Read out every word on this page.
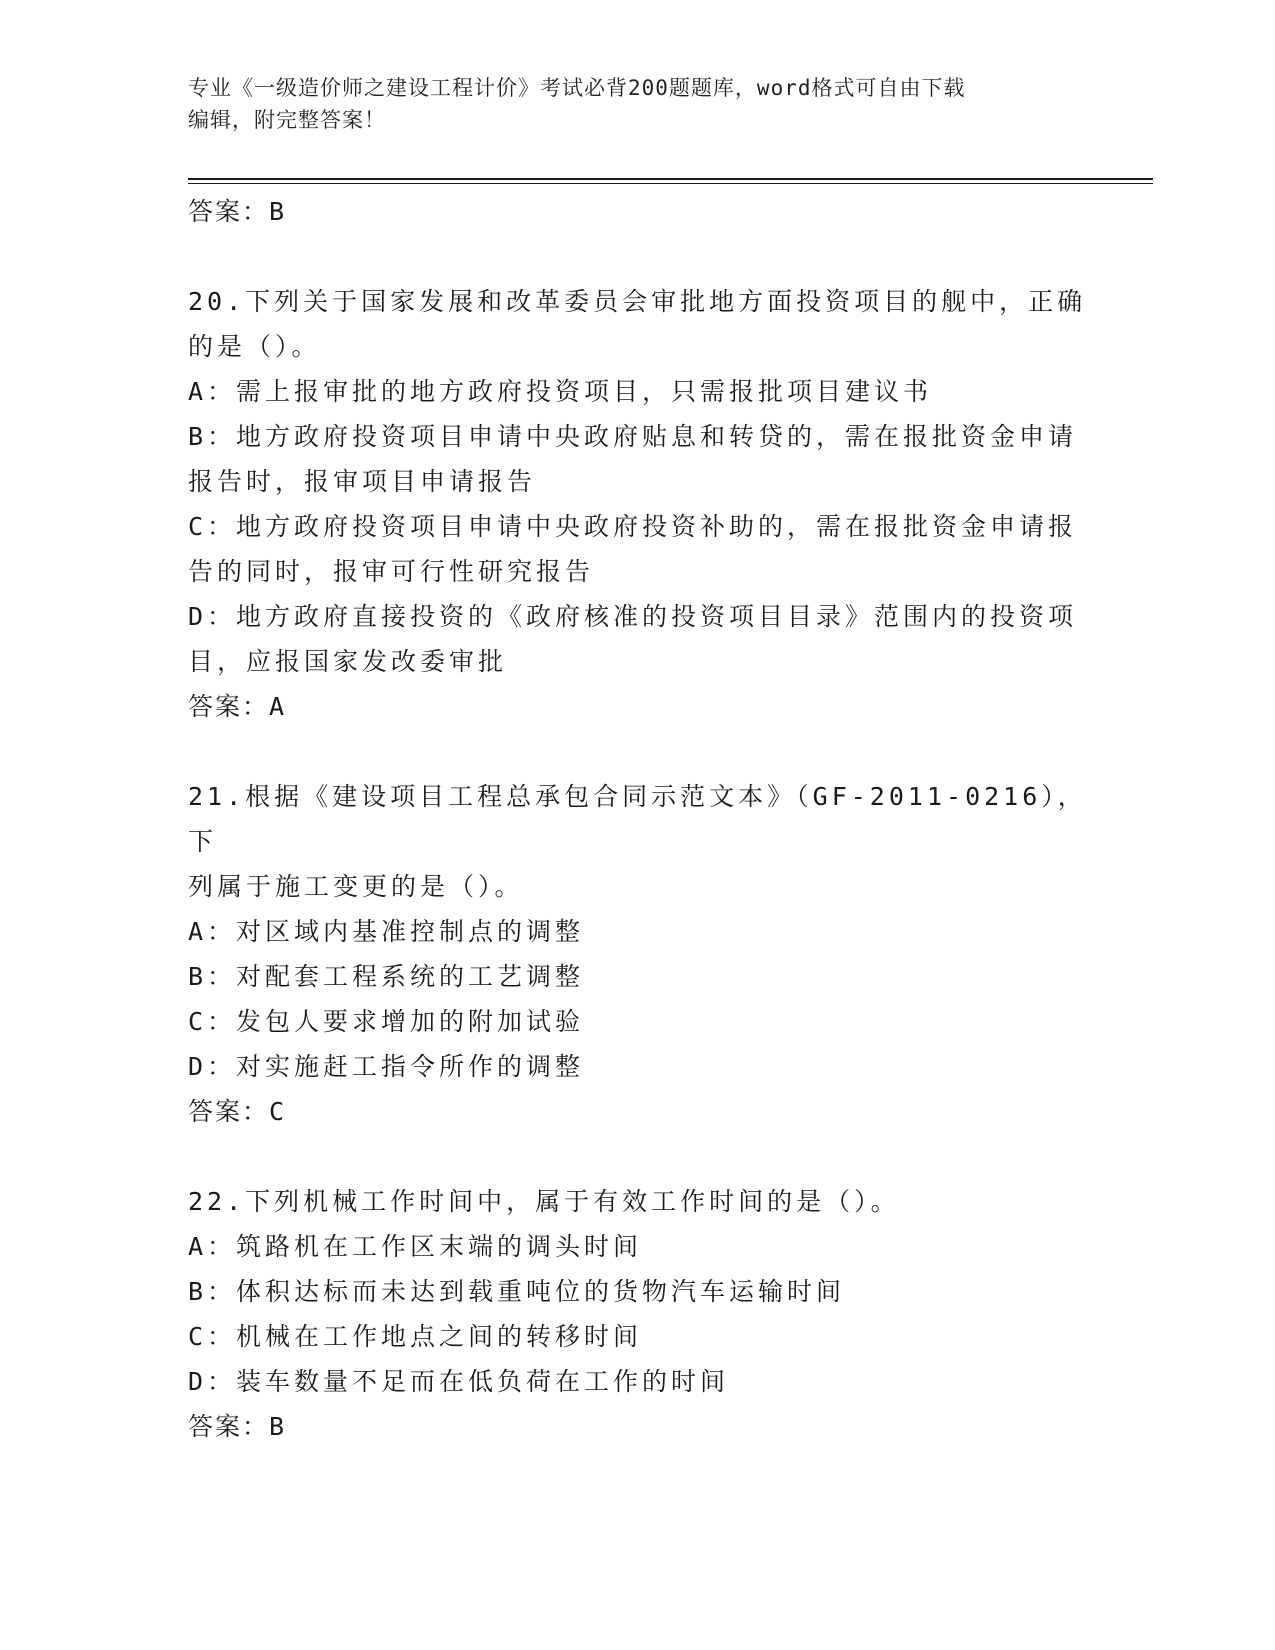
专业《一级造价师之建设工程计价》考试必背200题题库，word格式可自由下载
编辑，附完整答案！
答案：B
20.下列关于国家发展和改革委员会审批地方面投资项目的舰中，正确
的是（）。
A：需上报审批的地方政府投资项目，只需报批项目建议书
B：地方政府投资项目申请中央政府贴息和转贷的，需在报批资金申请
报告时，报审项目申请报告
C：地方政府投资项目申请中央政府投资补助的，需在报批资金申请报
告的同时，报审可行性研究报告
D：地方政府直接投资的《政府核准的投资项目目录》范围内的投资项
目，应报国家发改委审批
答案：A
21.根据《建设项目工程总承包合同示范文本》（GF-2011-0216），下
列属于施工变更的是（）。
A：对区域内基准控制点的调整
B：对配套工程系统的工艺调整
C：发包人要求增加的附加试验
D：对实施赶工指令所作的调整
答案：C
22.下列机械工作时间中，属于有效工作时间的是（）。
A：筑路机在工作区末端的调头时间
B：体积达标而未达到载重吨位的货物汽车运输时间
C：机械在工作地点之间的转移时间
D：装车数量不足而在低负荷在工作的时间
答案：B
